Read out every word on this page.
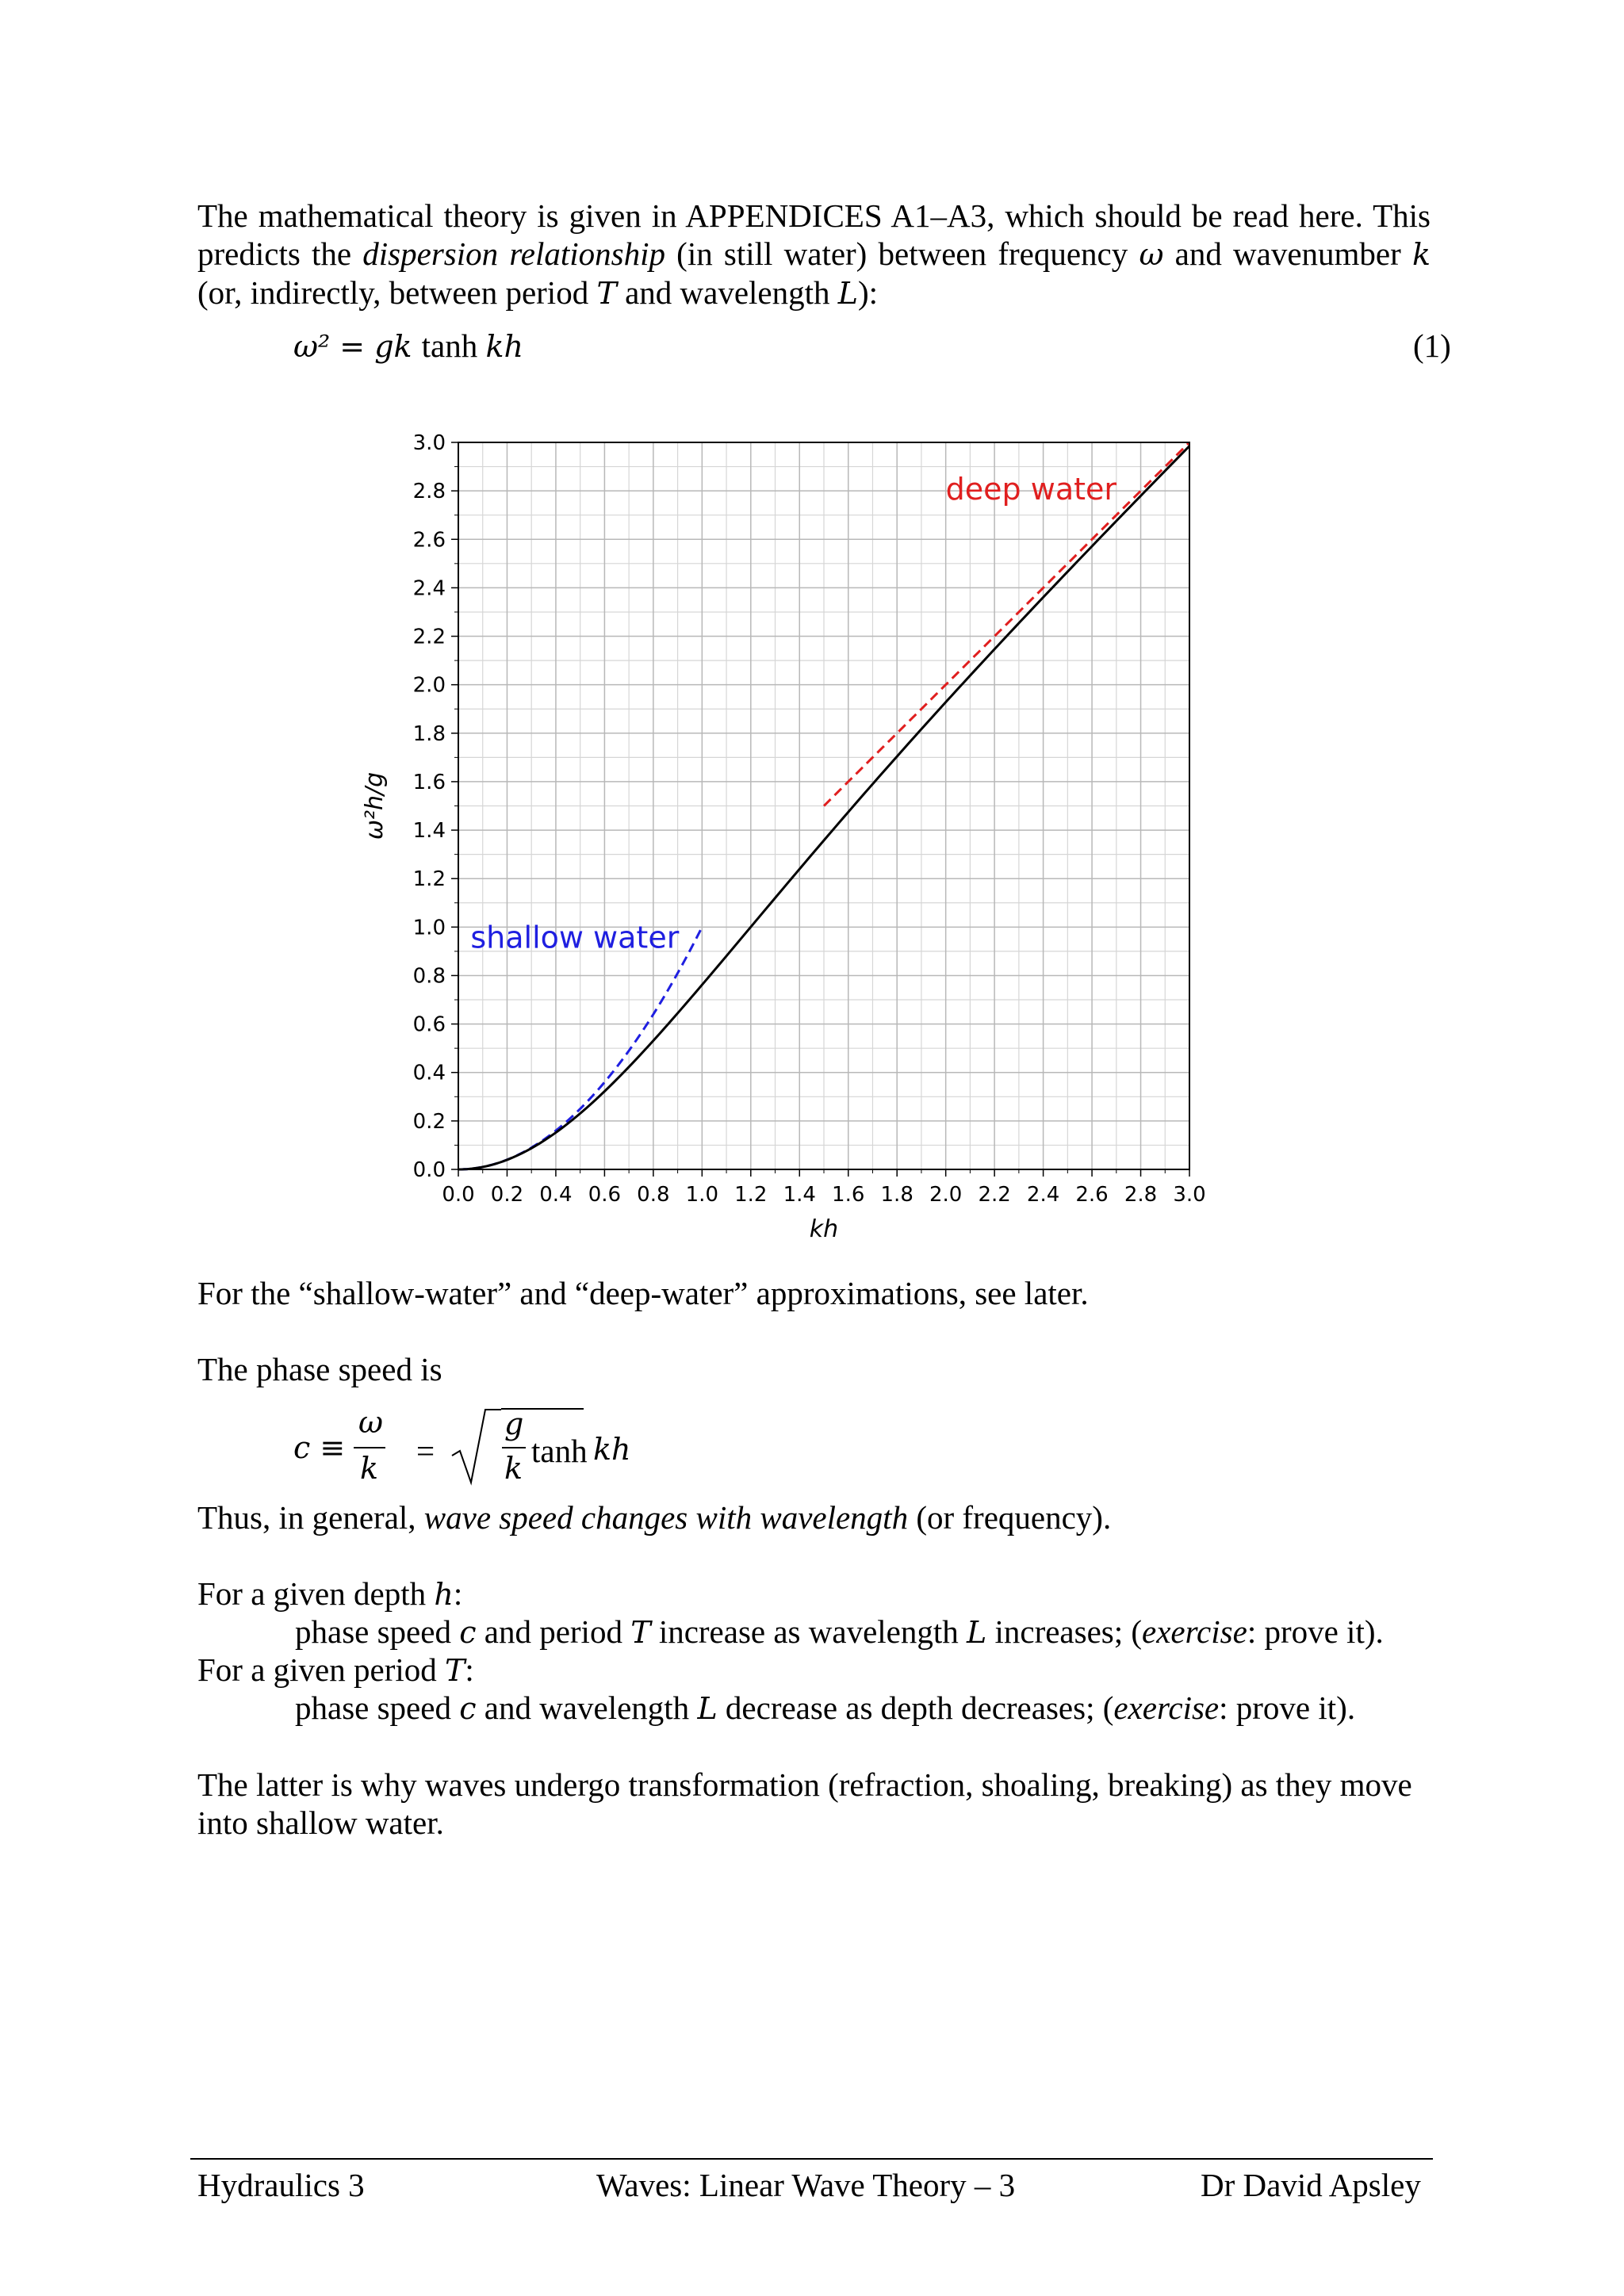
The mathematical theory is given in APPENDICES A1–A3, which should be read here. This predicts the dispersion relationship (in still water) between frequency ω and wavenumber k (or, indirectly, between period T and wavelength L):

ω² = gk tanh kh	(1)
0.0 0.2 0.4 0.6 0.8 1.0 1.2 1.4 1.6 1.8 2.0 2.2 2.4 2.6 2.8 3.0
0.0
0.2
0.4
0.6
0.8
1.0
1.2
1.4
1.6
1.8
2.0
2.2
2.4
2.6
2.8
3.0
deep water
shallow water
kh
ω²h/g

For the “shallow-water” and “deep-water” approximations, see later.

The phase speed is

c ≡
ω
k =
g
k tanh kh

Thus, in general, wave speed changes with wavelength (or frequency).

For a given depth h:

phase speed c and period T increase as wavelength L increases; (exercise: prove it).

For a given period T:

phase speed c and wavelength L decrease as depth decreases; (exercise: prove it).

The latter is why waves undergo transformation (refraction, shoaling, breaking) as they move into shallow water.

Hydraulics 3	Waves: Linear Wave Theory – 3	Dr David Apsley
